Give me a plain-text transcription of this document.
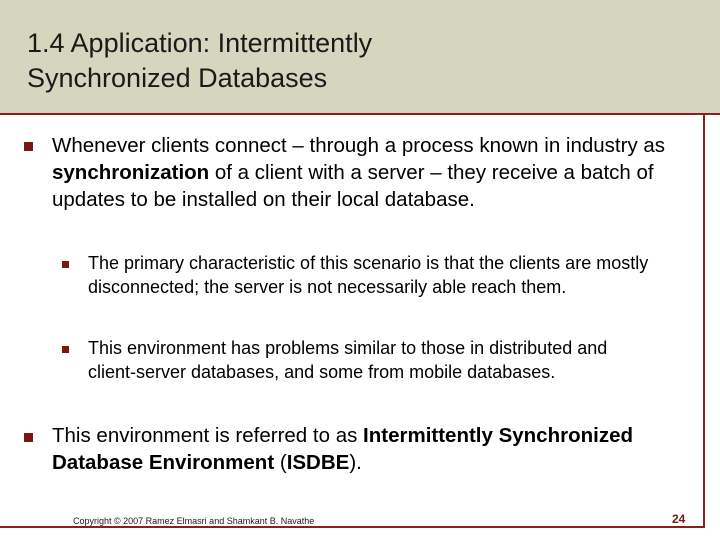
1.4 Application: Intermittently
Synchronized Databases
Whenever clients connect – through a process known in industry as synchronization of a client with a server – they receive a batch of updates to be installed on their local database.
The primary characteristic of this scenario is that the clients are mostly disconnected; the server is not necessarily able reach them.
This environment has problems similar to those in distributed and client-server databases, and some from mobile databases.
This environment is referred to as Intermittently Synchronized Database Environment (ISDBE).
Copyright © 2007 Ramez Elmasri and Shamkant B. Navathe	24
